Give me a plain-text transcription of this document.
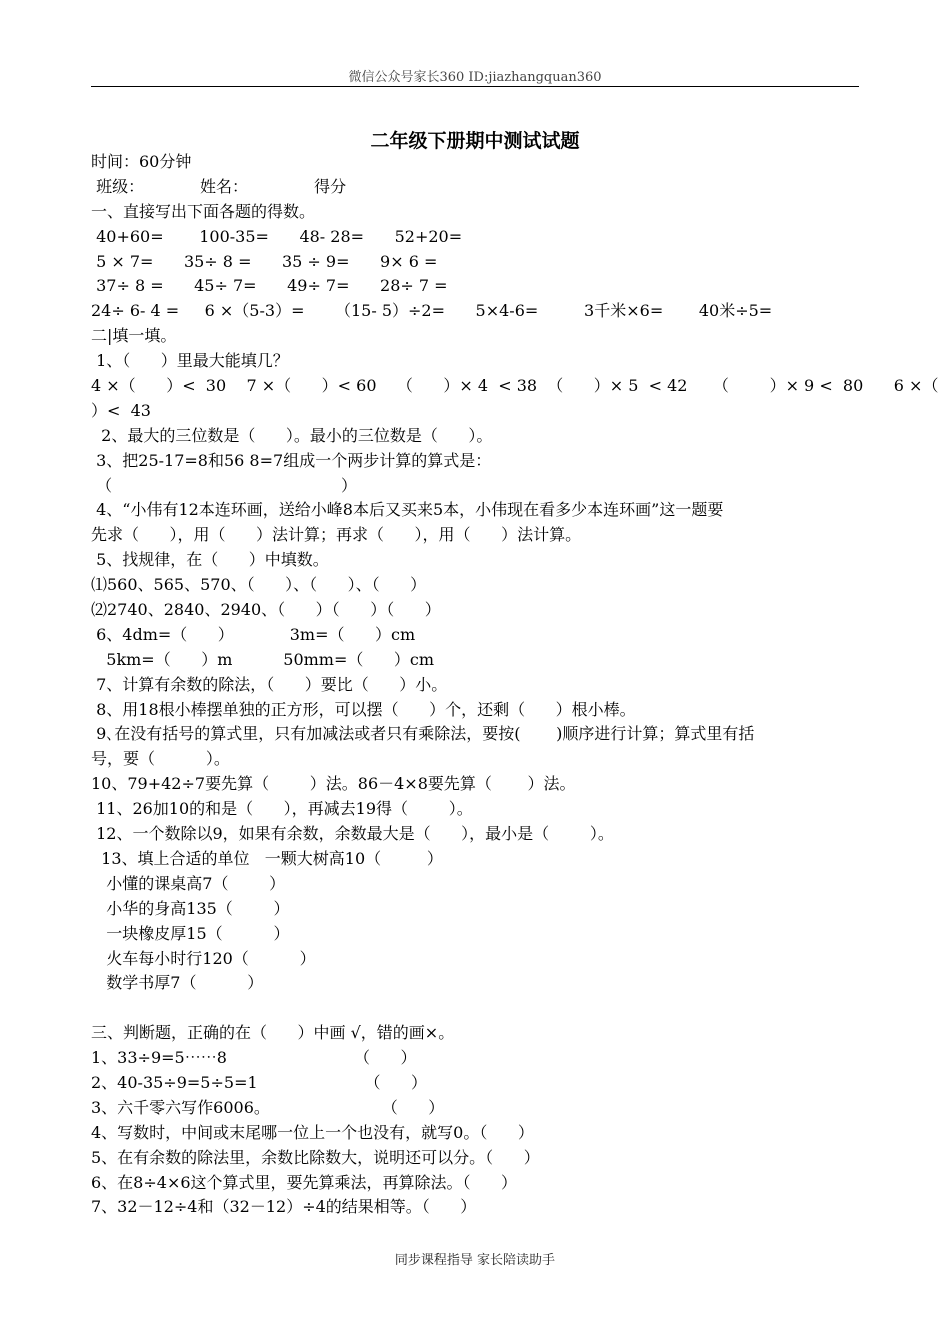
微信公众号家长360 ID:jiazhangquan360
二年级下册期中测试试题
时间：60分钟
班级：           姓名：             得分
一、直接写出下面各题的得数。
40+60=       100-35=      48- 28=      52+20=
5 × 7=      35÷ 8 =      35 ÷ 9=      9× 6 =
37÷ 8 =      45÷ 7=      49÷ 7=      28÷ 7 =
24÷ 6- 4 =     6 ×（5-3）=      （15- 5）÷2=      5×4-6=         3千米×6=       40米÷5=
二|填一填。
1、（      ）里最大能填几？
4 ×（      ）<  30    7 ×（      ）< 60    （      ）× 4  < 38  （      ）× 5  < 42     （        ）× 9 <  80      6 ×（
）<  43
2、最大的三位数是（      ）。最小的三位数是（      ）。
3、把25-17=8和56 8=7组成一个两步计算的算式是：
（                                             ）
4、“小伟有12本连环画，送给小峰8本后又买来5本，小伟现在看多少本连环画”这一题要
先求（      ），用（      ）法计算；再求（      ），用（      ）法计算。
5、找规律，在（      ）中填数。
⑴560、565、570、（      ）、（      ）、（      ）
⑵2740、2840、2940、（      ）（      ）（      ）
6、4dm=（      ）           3m=（      ）cm
5km=（      ）m          50mm=（      ）cm
7、计算有余数的除法，（      ）要比（      ）小。
8、用18根小棒摆单独的正方形，可以摆（      ）个，还剩（      ）根小棒。
9､在没有括号的算式里，只有加减法或者只有乘除法，要按(       )顺序进行计算；算式里有括
号，要（          ）。
10、79+42÷7要先算（        ）法。86－4×8要先算（       ）法。
11、26加10的和是（      ），再减去19得（        ）。
12、一个数除以9，如果有余数，余数最大是（      ），最小是（        ）。
13、填上合适的单位   一颗大树高10（         ）
小懂的课桌高7（        ）
小华的身高135（        ）
一块橡皮厚15（          ）
火车每小时行120（          ）
数学书厚7（          ）
三、判断题，正确的在（      ）中画 √，错的画×。
1、33÷9=5⋯⋯8                         （      ）
2、40-35÷9=5÷5=1                     （      ）
3、六千零六写作6006。                      （      ）
4、写数时，中间或末尾哪一位上一个也没有，就写0。（      ）
5、在有余数的除法里，余数比除数大，说明还可以分。（      ）
6、在8÷4×6这个算式里，要先算乘法，再算除法。（      ）
7、32－12÷4和（32－12）÷4的结果相等。（      ）
同步课程指导 家长陪读助手
